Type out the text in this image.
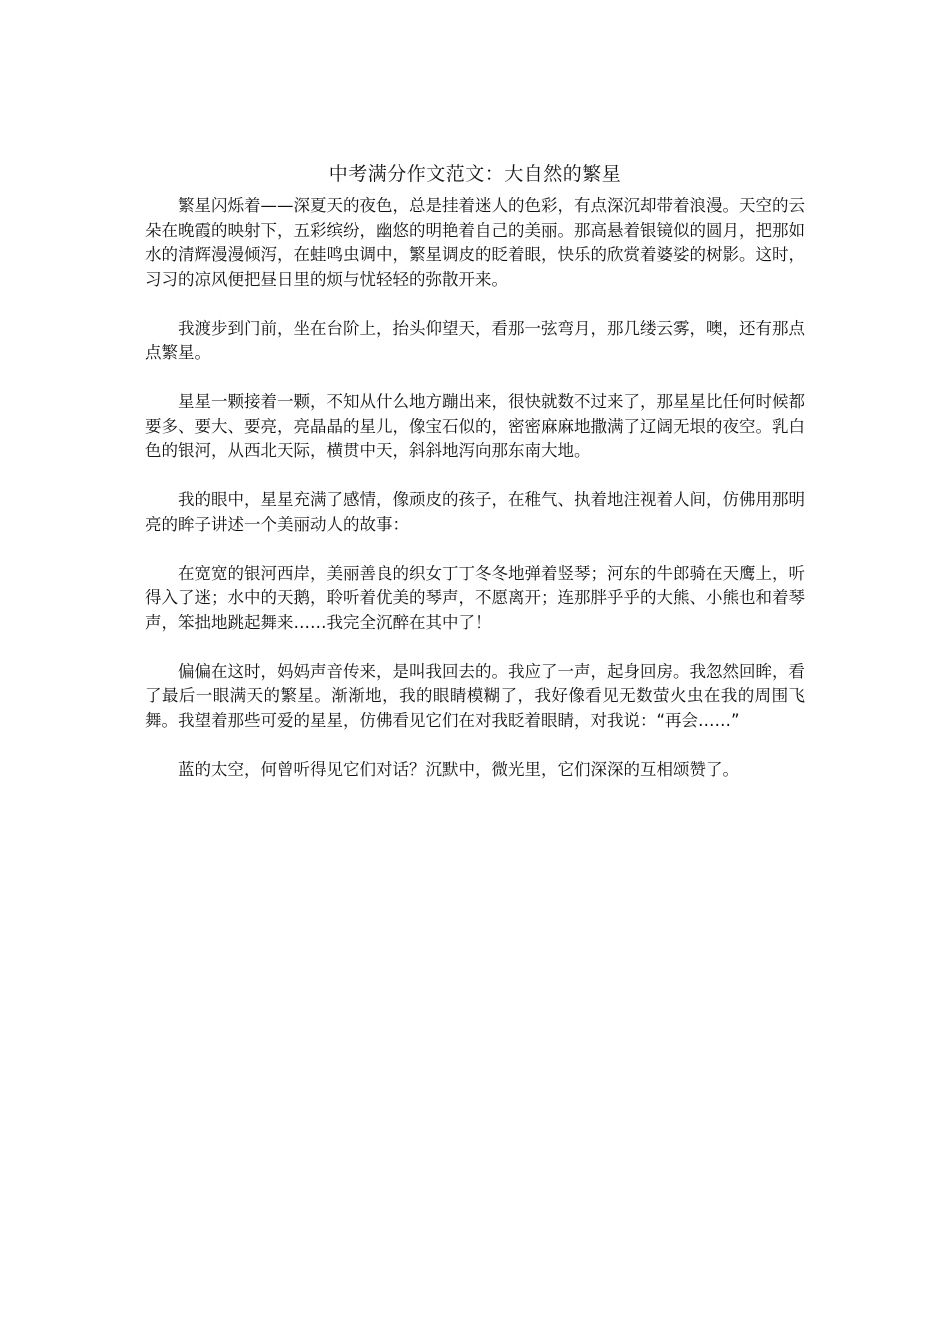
中考满分作文范文：大自然的繁星

繁星闪烁着——深夏天的夜色，总是挂着迷人的色彩，有点深沉却带着浪漫。天空的云朵在晚霞的映射下，五彩缤纷，幽悠的明艳着自己的美丽。那高悬着银镜似的圆月，把那如水的清辉漫漫倾泻，在蛙鸣虫调中，繁星调皮的眨着眼，快乐的欣赏着婆娑的树影。这时，习习的凉风便把昼日里的烦与忧轻轻的弥散开来。

我渡步到门前，坐在台阶上，抬头仰望天，看那一弦弯月，那几缕云雾，噢，还有那点点繁星。

星星一颗接着一颗，不知从什么地方蹦出来，很快就数不过来了，那星星比任何时候都要多、要大、要亮，亮晶晶的星儿，像宝石似的，密密麻麻地撒满了辽阔无垠的夜空。乳白色的银河，从西北天际，横贯中天，斜斜地泻向那东南大地。

我的眼中，星星充满了感情，像顽皮的孩子，在稚气、执着地注视着人间，仿佛用那明亮的眸子讲述一个美丽动人的故事：

在宽宽的银河西岸，美丽善良的织女丁丁冬冬地弹着竖琴；河东的牛郎骑在天鹰上，听得入了迷；水中的天鹅，聆听着优美的琴声，不愿离开；连那胖乎乎的大熊、小熊也和着琴声，笨拙地跳起舞来……我完全沉醉在其中了！

偏偏在这时，妈妈声音传来，是叫我回去的。我应了一声，起身回房。我忽然回眸，看了最后一眼满天的繁星。渐渐地，我的眼睛模糊了，我好像看见无数萤火虫在我的周围飞舞。我望着那些可爱的星星，仿佛看见它们在对我眨着眼睛，对我说：“再会……”

蓝的太空，何曾听得见它们对话？沉默中，微光里，它们深深的互相颂赞了。
